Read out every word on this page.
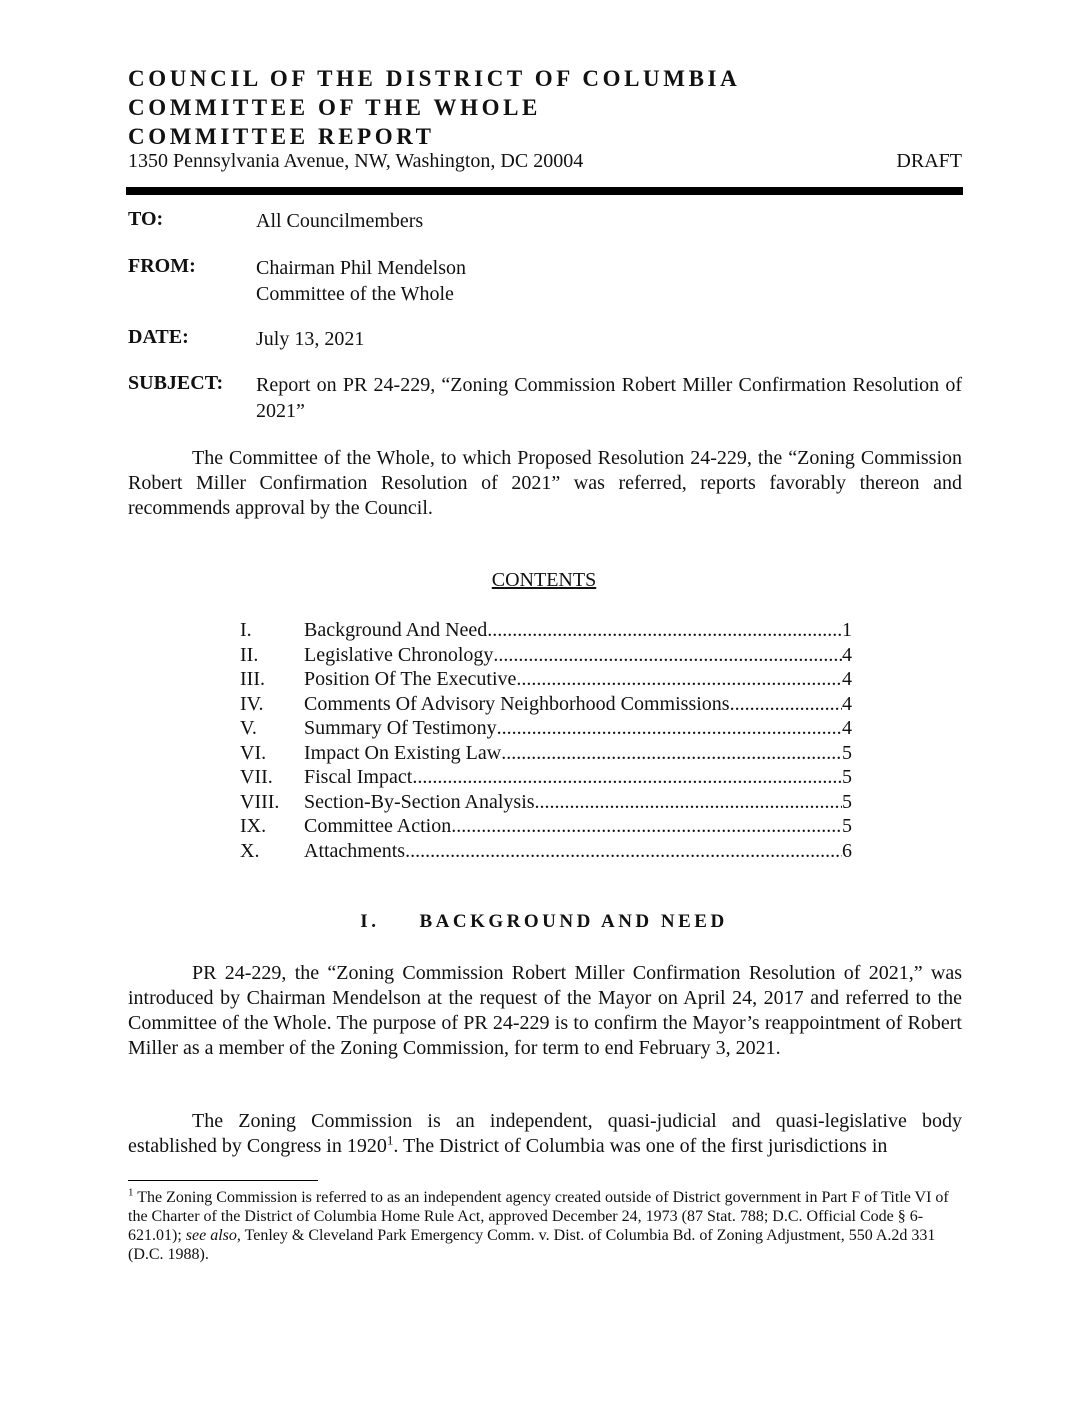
COUNCIL OF THE DISTRICT OF COLUMBIA
COMMITTEE OF THE WHOLE
COMMITTEE REPORT
1350 Pennsylvania Avenue, NW, Washington, DC 20004	DRAFT
TO:	All Councilmembers
FROM:	Chairman Phil Mendelson
Committee of the Whole
DATE:	July 13, 2021
SUBJECT: Report on PR 24-229, “Zoning Commission Robert Miller Confirmation Resolution of 2021”

The Committee of the Whole, to which Proposed Resolution 24-229, the “Zoning Commission Robert Miller Confirmation Resolution of 2021” was referred, reports favorably thereon and recommends approval by the Council.

CONTENTS
I.	Background And Need .....	1
II. Legislative Chronology .....	4
III. Position Of The Executive .....	4
IV. Comments Of Advisory Neighborhood Commissions .....	4
V. Summary Of Testimony .....	4
VI. Impact On Existing Law .....	5
VII. Fiscal Impact .....	5
VIII. Section-By-Section Analysis .....	5
IX. Committee Action .....	5
X. Attachments .....	6
I. BACKGROUND AND NEED

PR 24-229, the “Zoning Commission Robert Miller Confirmation Resolution of 2021,” was introduced by Chairman Mendelson at the request of the Mayor on April 24, 2017 and referred to the Committee of the Whole. The purpose of PR 24-229 is to confirm the Mayor’s reappointment of Robert Miller as a member of the Zoning Commission, for term to end February 3, 2021.

The Zoning Commission is an independent, quasi-judicial and quasi-legislative body established by Congress in 1920$^1$. The District of Columbia was one of the first jurisdictions in

$^1$ The Zoning Commission is referred to as an independent agency created outside of District government in Part F of Title VI of the Charter of the District of Columbia Home Rule Act, approved December 24, 1973 (87 Stat. 788; D.C. Official Code § 6-621.01); see also, Tenley & Cleveland Park Emergency Comm. v. Dist. of Columbia Bd. of Zoning Adjustment, 550 A.2d 331 (D.C. 1988).
